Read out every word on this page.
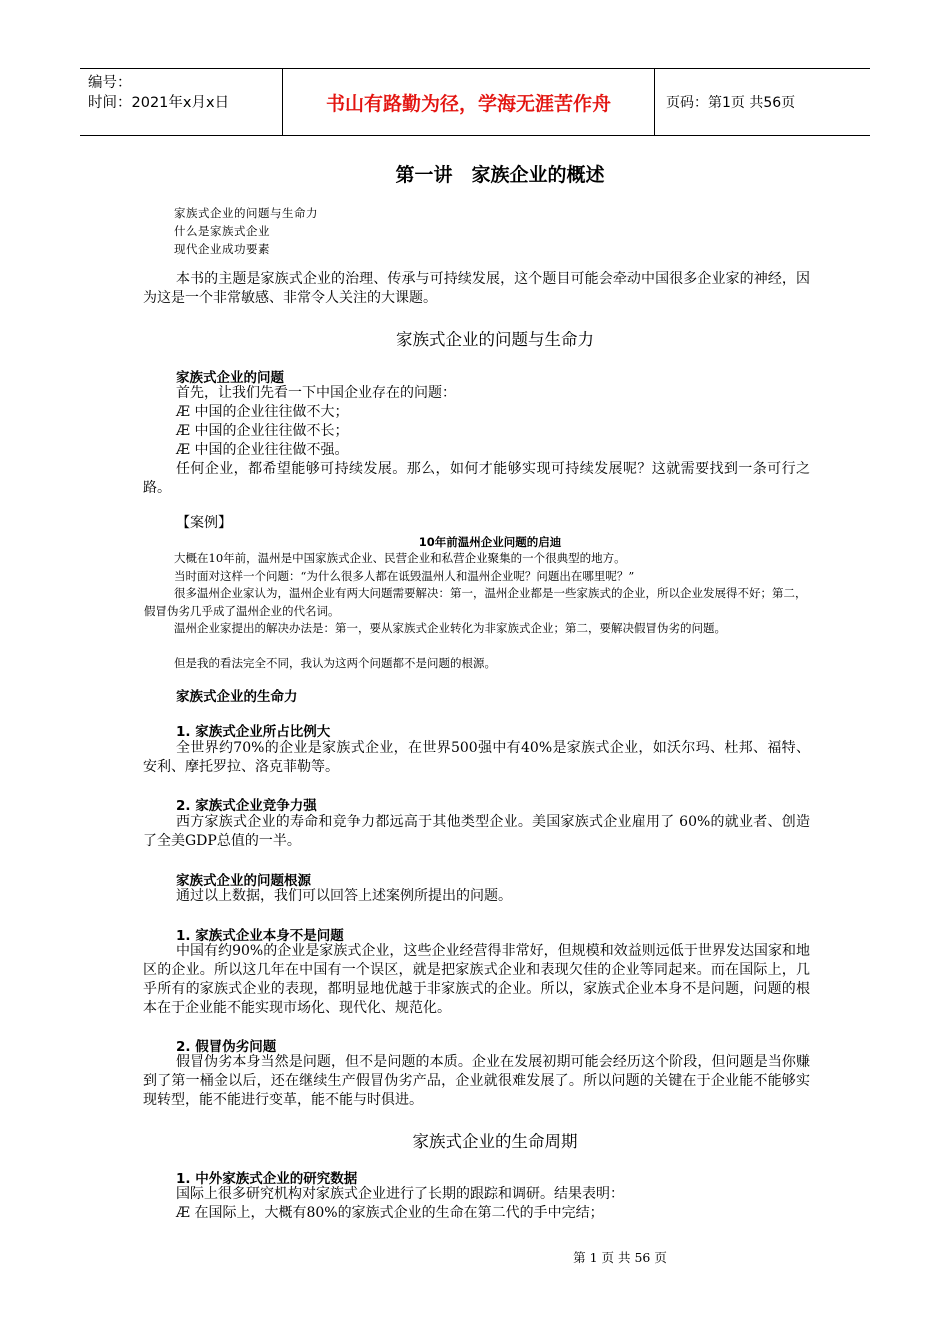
编号：
时间：2021年x月x日	书山有路勤为径，学海无涯苦作舟	页码：第1页 共56页
第一讲　家族企业的概述
家族式企业的问题与生命力
什么是家族式企业
现代企业成功要素
本书的主题是家族式企业的治理、传承与可持续发展，这个题目可能会牵动中国很多企业家的神经，因为这是一个非常敏感、非常令人关注的大课题。
家族式企业的问题与生命力
家族式企业的问题
首先，让我们先看一下中国企业存在的问题：
Æ 中国的企业往往做不大；
Æ 中国的企业往往做不长；
Æ 中国的企业往往做不强。
任何企业，都希望能够可持续发展。那么，如何才能够实现可持续发展呢？这就需要找到一条可行之路。
【案例】
10年前温州企业问题的启迪
大概在10年前，温州是中国家族式企业、民营企业和私营企业聚集的一个很典型的地方。
当时面对这样一个问题：“为什么很多人都在诋毁温州人和温州企业呢？问题出在哪里呢？”
很多温州企业家认为，温州企业有两大问题需要解决：第一，温州企业都是一些家族式的企业，所以企业发展得不好；第二，假冒伪劣几乎成了温州企业的代名词。
温州企业家提出的解决办法是：第一，要从家族式企业转化为非家族式企业；第二，要解决假冒伪劣的问题。
但是我的看法完全不同，我认为这两个问题都不是问题的根源。
家族式企业的生命力
1. 家族式企业所占比例大
全世界约70%的企业是家族式企业，在世界500强中有40%是家族式企业，如沃尔玛、杜邦、福特、安利、摩托罗拉、洛克菲勒等。
2. 家族式企业竞争力强
西方家族式企业的寿命和竞争力都远高于其他类型企业。美国家族式企业雇用了 60%的就业者、创造了全美GDP总值的一半。
家族式企业的问题根源
通过以上数据，我们可以回答上述案例所提出的问题。
1. 家族式企业本身不是问题
中国有约90%的企业是家族式企业，这些企业经营得非常好，但规模和效益则远低于世界发达国家和地区的企业。所以这几年在中国有一个误区，就是把家族式企业和表现欠佳的企业等同起来。而在国际上，几乎所有的家族式企业的表现，都明显地优越于非家族式的企业。所以，家族式企业本身不是问题，问题的根本在于企业能不能实现市场化、现代化、规范化。
2. 假冒伪劣问题
假冒伪劣本身当然是问题，但不是问题的本质。企业在发展初期可能会经历这个阶段，但问题是当你赚到了第一桶金以后，还在继续生产假冒伪劣产品，企业就很难发展了。所以问题的关键在于企业能不能够实现转型，能不能进行变革，能不能与时俱进。
家族式企业的生命周期
1. 中外家族式企业的研究数据
国际上很多研究机构对家族式企业进行了长期的跟踪和调研。结果表明：
Æ 在国际上，大概有80%的家族式企业的生命在第二代的手中完结；
第 1 页 共 56 页
